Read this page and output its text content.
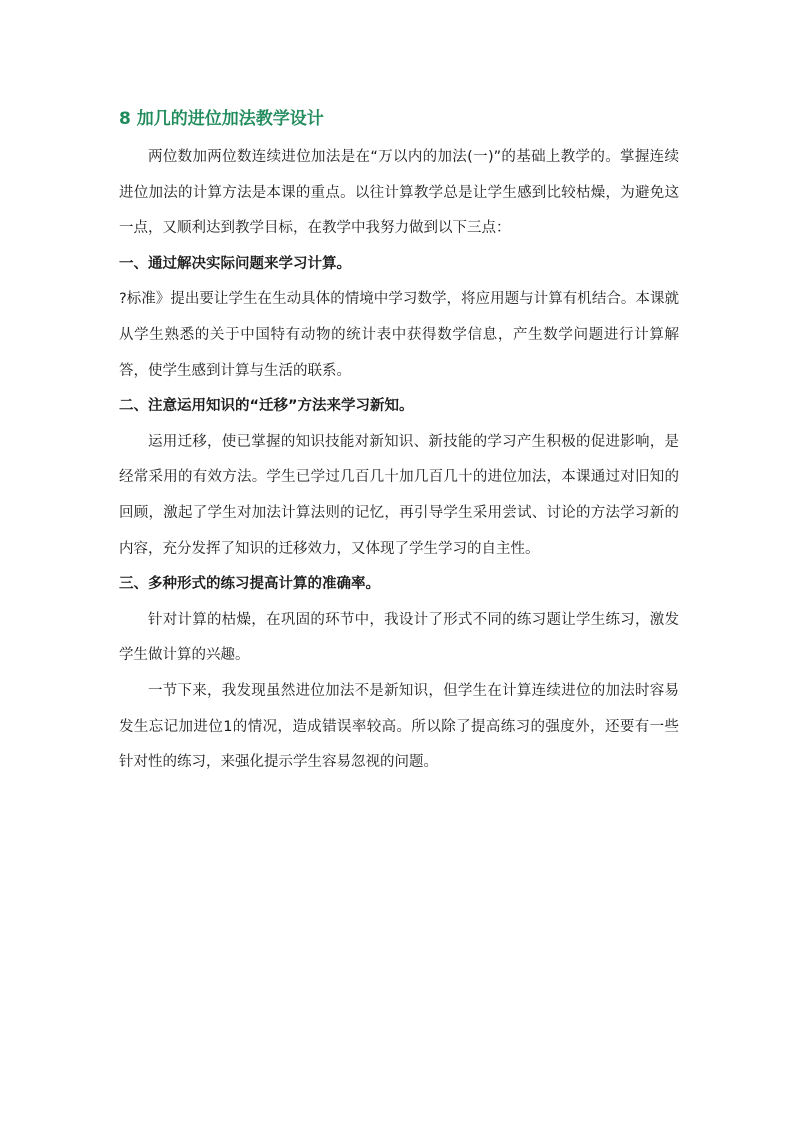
8 加几的进位加法教学设计

两位数加两位数连续进位加法是在“万以内的加法(一)”的基础上教学的。掌握连续进位加法的计算方法是本课的重点。以往计算教学总是让学生感到比较枯燥，为避免这一点，又顺利达到教学目标，在教学中我努力做到以下三点：

一、通过解决实际问题来学习计算。

?标准》提出要让学生在生动具体的情境中学习数学，将应用题与计算有机结合。本课就从学生熟悉的关于中国特有动物的统计表中获得数学信息，产生数学问题进行计算解答，使学生感到计算与生活的联系。

二、注意运用知识的“迁移”方法来学习新知。

运用迁移，使已掌握的知识技能对新知识、新技能的学习产生积极的促进影响，是经常采用的有效方法。学生已学过几百几十加几百几十的进位加法，本课通过对旧知的回顾，激起了学生对加法计算法则的记忆，再引导学生采用尝试、讨论的方法学习新的内容，充分发挥了知识的迁移效力，又体现了学生学习的自主性。

三、多种形式的练习提高计算的准确率。

针对计算的枯燥，在巩固的环节中，我设计了形式不同的练习题让学生练习，激发学生做计算的兴趣。

一节下来，我发现虽然进位加法不是新知识，但学生在计算连续进位的加法时容易发生忘记加进位1的情况，造成错误率较高。所以除了提高练习的强度外，还要有一些针对性的练习，来强化提示学生容易忽视的问题。
